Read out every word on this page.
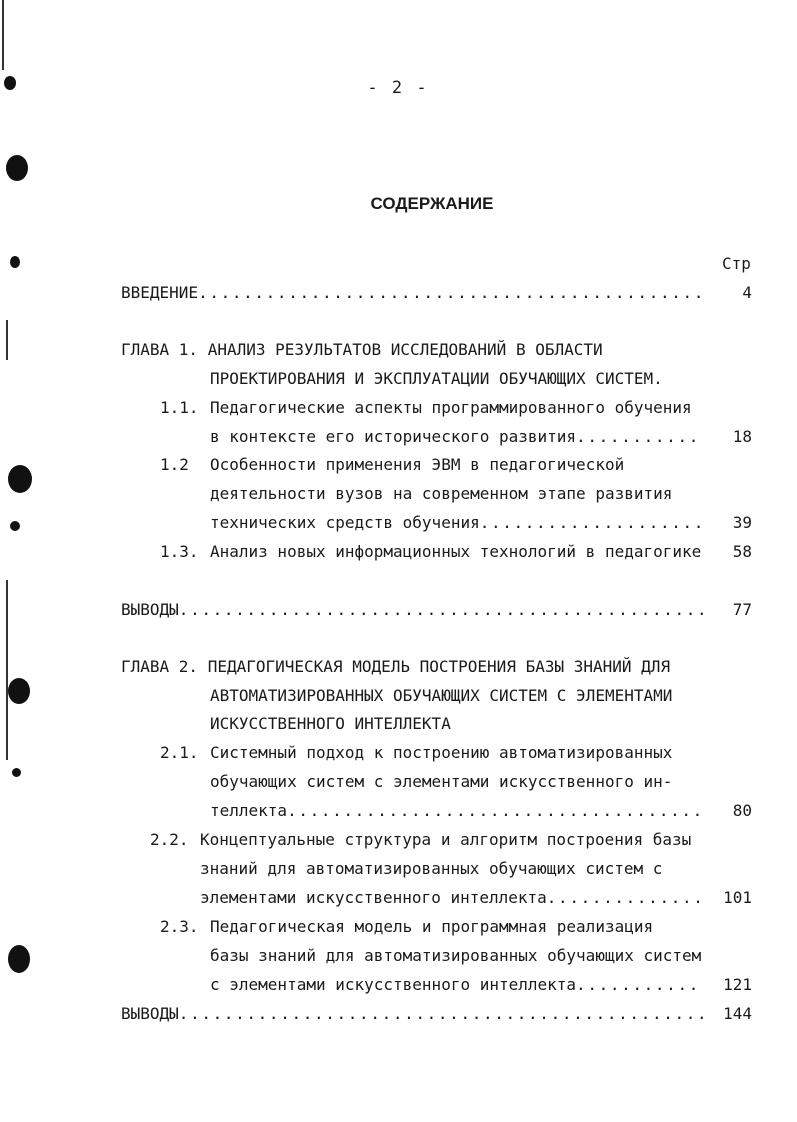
- 2 -
СОДЕРЖАНИЕ
Стр
ВВЕДЕНИЕ . . .	4
ГЛАВА 1. АНАЛИЗ РЕЗУЛЬТАТОВ ИССЛЕДОВАНИЙ В ОБЛАСТИ
ПРОЕКТИРОВАНИЯ И ЭКСПЛУАТАЦИИ ОБУЧАЮЩИХ СИСТЕМ.
1.1. Педагогические аспекты программированного обучения
в контексте его исторического развития . . .	18
1.2 Особенности применения ЭВМ в педагогической
деятельности вузов на современном этапе развития
технических средств обучения . . .	39
1.3. Анализ новых информационных технологий в педагогике	58
ВЫВОДЫ . . .	77
ГЛАВА 2. ПЕДАГОГИЧЕСКАЯ МОДЕЛЬ ПОСТРОЕНИЯ БАЗЫ ЗНАНИЙ ДЛЯ
АВТОМАТИЗИРОВАННЫХ ОБУЧАЮЩИХ СИСТЕМ С ЭЛЕМЕНТАМИ
ИСКУССТВЕННОГО ИНТЕЛЛЕКТА
2.1. Системный подход к построению автоматизированных
обучающих систем с элементами искусственного ин-
теллекта . . .	80
2.2. Концептуальные структура и алгоритм построения базы
знаний для автоматизированных обучающих систем с
элементами искусственного интеллекта . . .	101
2.3. Педагогическая модель и программная реализация
базы знаний для автоматизированных обучающих систем
с элементами искусственного интеллекта . . .	121
ВЫВОДЫ . . .	144
